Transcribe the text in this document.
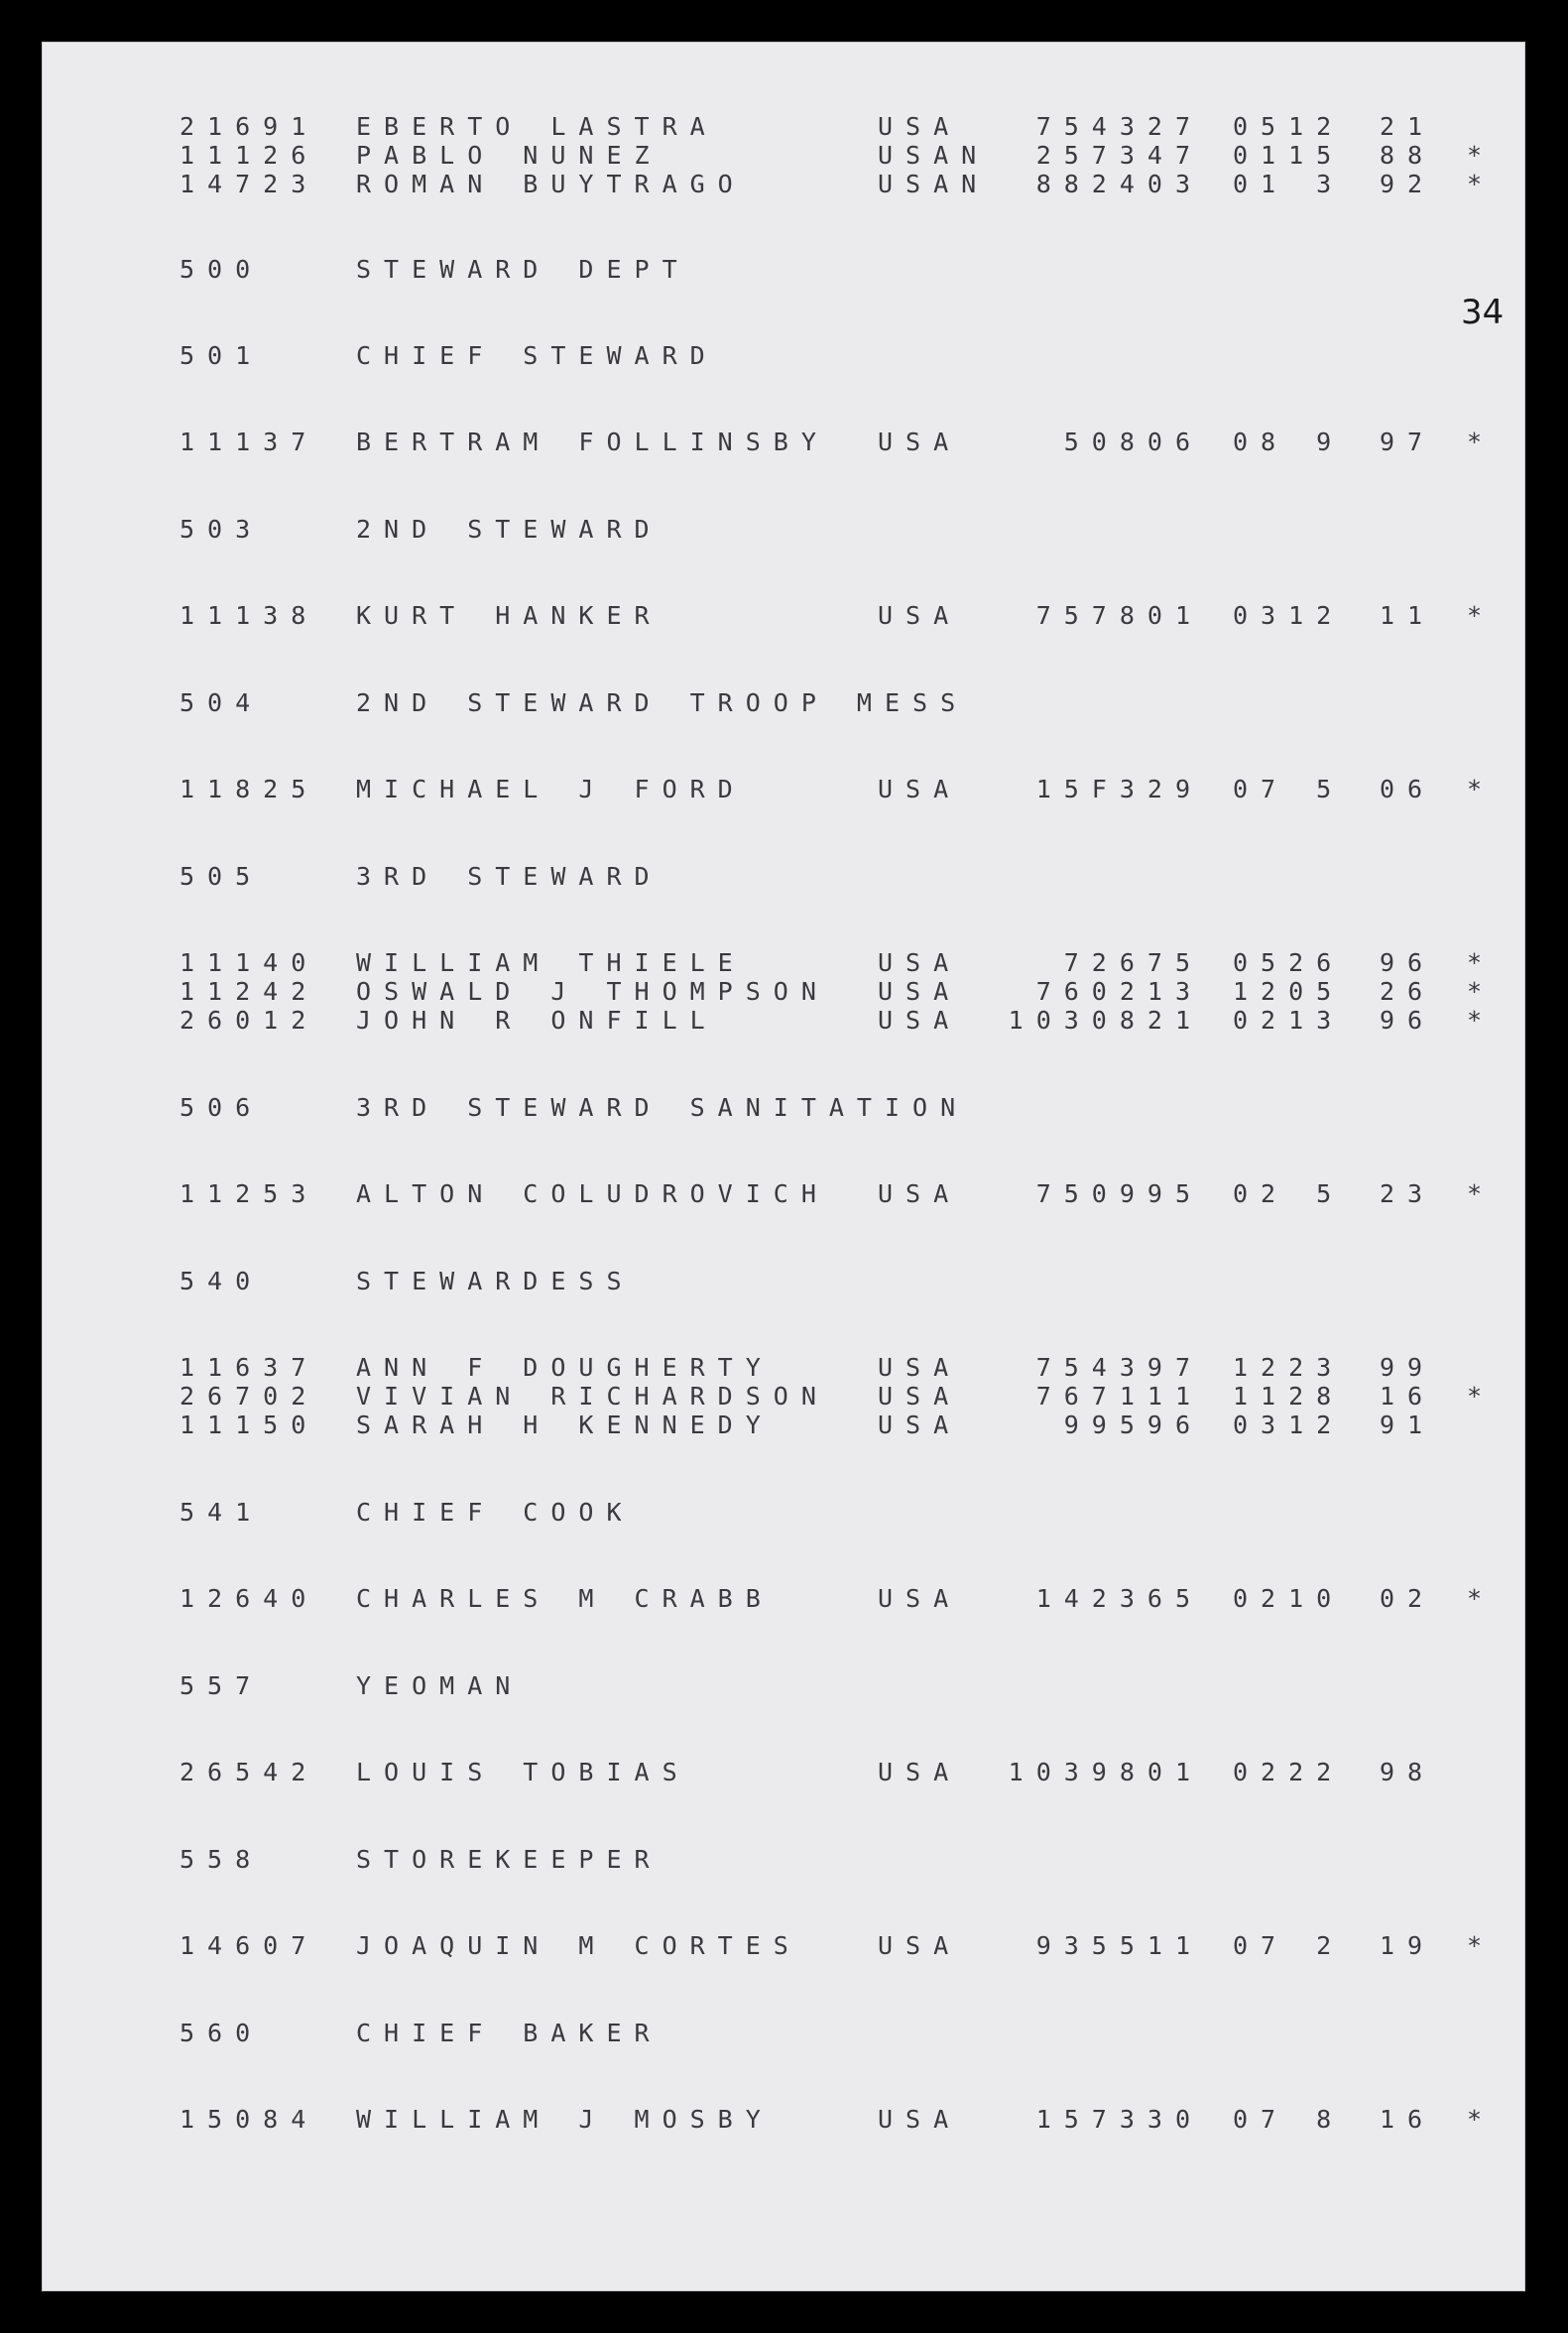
34
21691 EBERTO LASTRA	USA	754327 0512 21
11126 PABLO NUNEZ	USAN	257347 0115 88 *
14723 ROMAN BUYTRAGO	USAN	882403 01 3 92 *
500	STEWARD DEPT
501	CHIEF STEWARD
11137 BERTRAM FOLLINSBY USA	50806 08 9 97 *
503	2ND STEWARD
11138 KURT HANKER	USA	757801 0312 11 *
504	2ND STEWARD TROOP MESS
11825 MICHAEL J FORD	USA	15F329 07 5 06 *
505	3RD STEWARD
11140 WILLIAM THIELE	USA	72675 0526 96 *
11242 OSWALD J THOMPSON USA	760213 1205 26 *
26012 JOHN R ONFILL	USA	1030821 0213 96 *
506	3RD STEWARD SANITATION
11253 ALTON COLUDROVICH USA	750995 02 5 23 *
540	STEWARDESS
11637 ANN F DOUGHERTY	USA	754397 1223 99
26702 VIVIAN RICHARDSON USA	767111 1128 16 *
11150 SARAH H KENNEDY	USA	99596 0312 91
541	CHIEF COOK
12640 CHARLES M CRABB	USA	142365 0210 02 *
557	YEOMAN
26542 LOUIS TOBIAS	USA	1039801 0222 98
558	STOREKEEPER
14607 JOAQUIN M CORTES	USA	935511 07 2 19 *
560	CHIEF BAKER
15084 WILLIAM J MOSBY	USA	157330 07 8 16 *
